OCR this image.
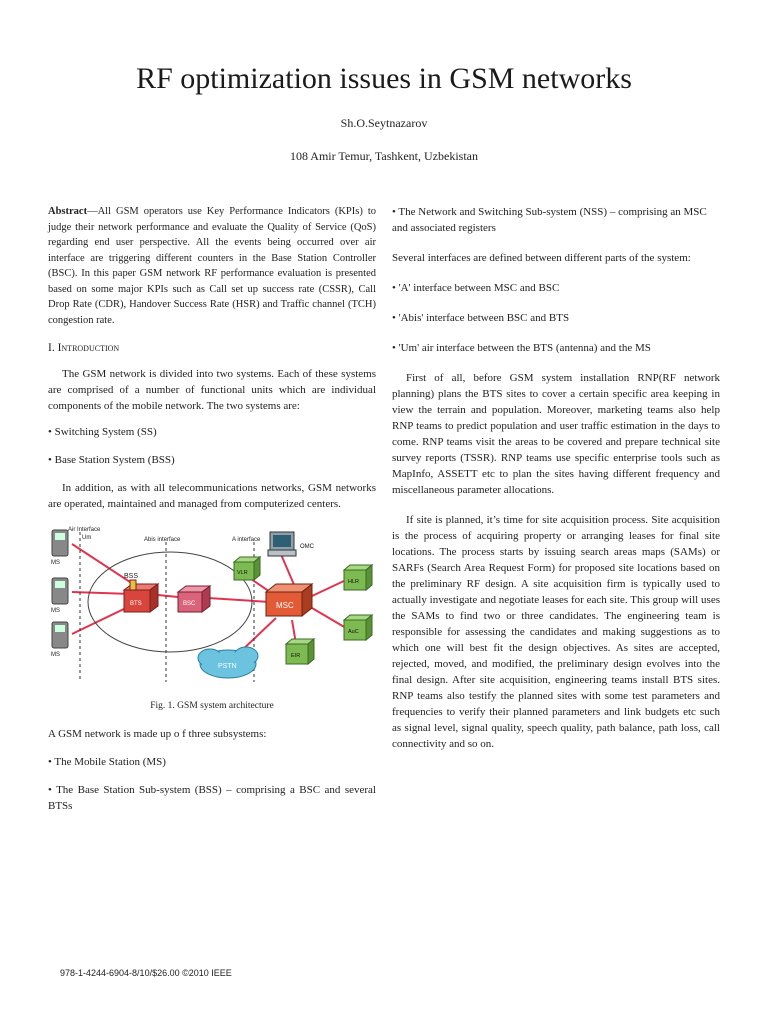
RF optimization issues in GSM networks
Sh.O.Seytnazarov
108 Amir Temur, Tashkent, Uzbekistan

Abstract—All GSM operators use Key Performance Indicators (KPIs) to judge their network performance and evaluate the Quality of Service (QoS) regarding end user perspective. All the events being occurred over air interface are triggering different counters in the Base Station Controller (BSC). In this paper GSM network RF performance evaluation is presented based on some major KPIs such as Call set up success rate (CSSR), Call Drop Rate (CDR), Handover Success Rate (HSR) and Traffic channel (TCH) congestion rate.

I. Introduction

The GSM network is divided into two systems. Each of these systems are comprised of a number of functional units which are individual components of the mobile network. The two systems are:

• Switching System (SS)

• Base Station System (BSS)

In addition, as with all telecommunications networks, GSM networks are operated, maintained and managed from computerized centers.

Air Interface
Um	Abis interface	A interface
BSS
MS
MS
MS
BTS	BSC	MSC
VLR
HLR
AuC
EIR
OMC
PSTN

Fig. 1. GSM system architecture

A GSM network is made up o f three subsystems:

• The Mobile Station (MS)

• The Base Station Sub-system (BSS) – comprising a BSC and several BTSs

• The Network and Switching Sub-system (NSS) – comprising an MSC and associated registers

Several interfaces are defined between different parts of the system:

• 'A' interface between MSC and BSC

• 'Abis' interface between BSC and BTS

• 'Um' air interface between the BTS (antenna) and the MS

First of all, before GSM system installation RNP(RF network planning) plans the BTS sites to cover a certain specific area keeping in view the terrain and population. Moreover, marketing teams also help RNP teams to predict population and user traffic estimation in the days to come. RNP teams visit the areas to be covered and prepare technical site survey reports (TSSR). RNP teams use specific enterprise tools such as MapInfo, ASSETT etc to plan the sites having different frequency and miscellaneous parameter allocations.

If site is planned, it’s time for site acquisition process. Site acquisition is the process of acquiring property or arranging leases for final site locations. The process starts by issuing search areas maps (SAMs) or SARFs (Search Area Request Form) for proposed site locations based on the preliminary RF design. A site acquisition firm is typically used to actually investigate and negotiate leases for each site. This group will uses the SAMs to find two or three candidates. The engineering team is responsible for assessing the candidates and making suggestions as to which one will best fit the design objectives. As sites are accepted, rejected, moved, and modified, the preliminary design evolves into the final design. After site acquisition, engineering teams install BTS sites. RNP teams also testify the planned sites with some test parameters and frequencies to verify their planned parameters and link budgets etc such as signal level, signal quality, speech quality, path balance, path loss, call connectivity and so on.

978-1-4244-6904-8/10/$26.00 ©2010 IEEE
